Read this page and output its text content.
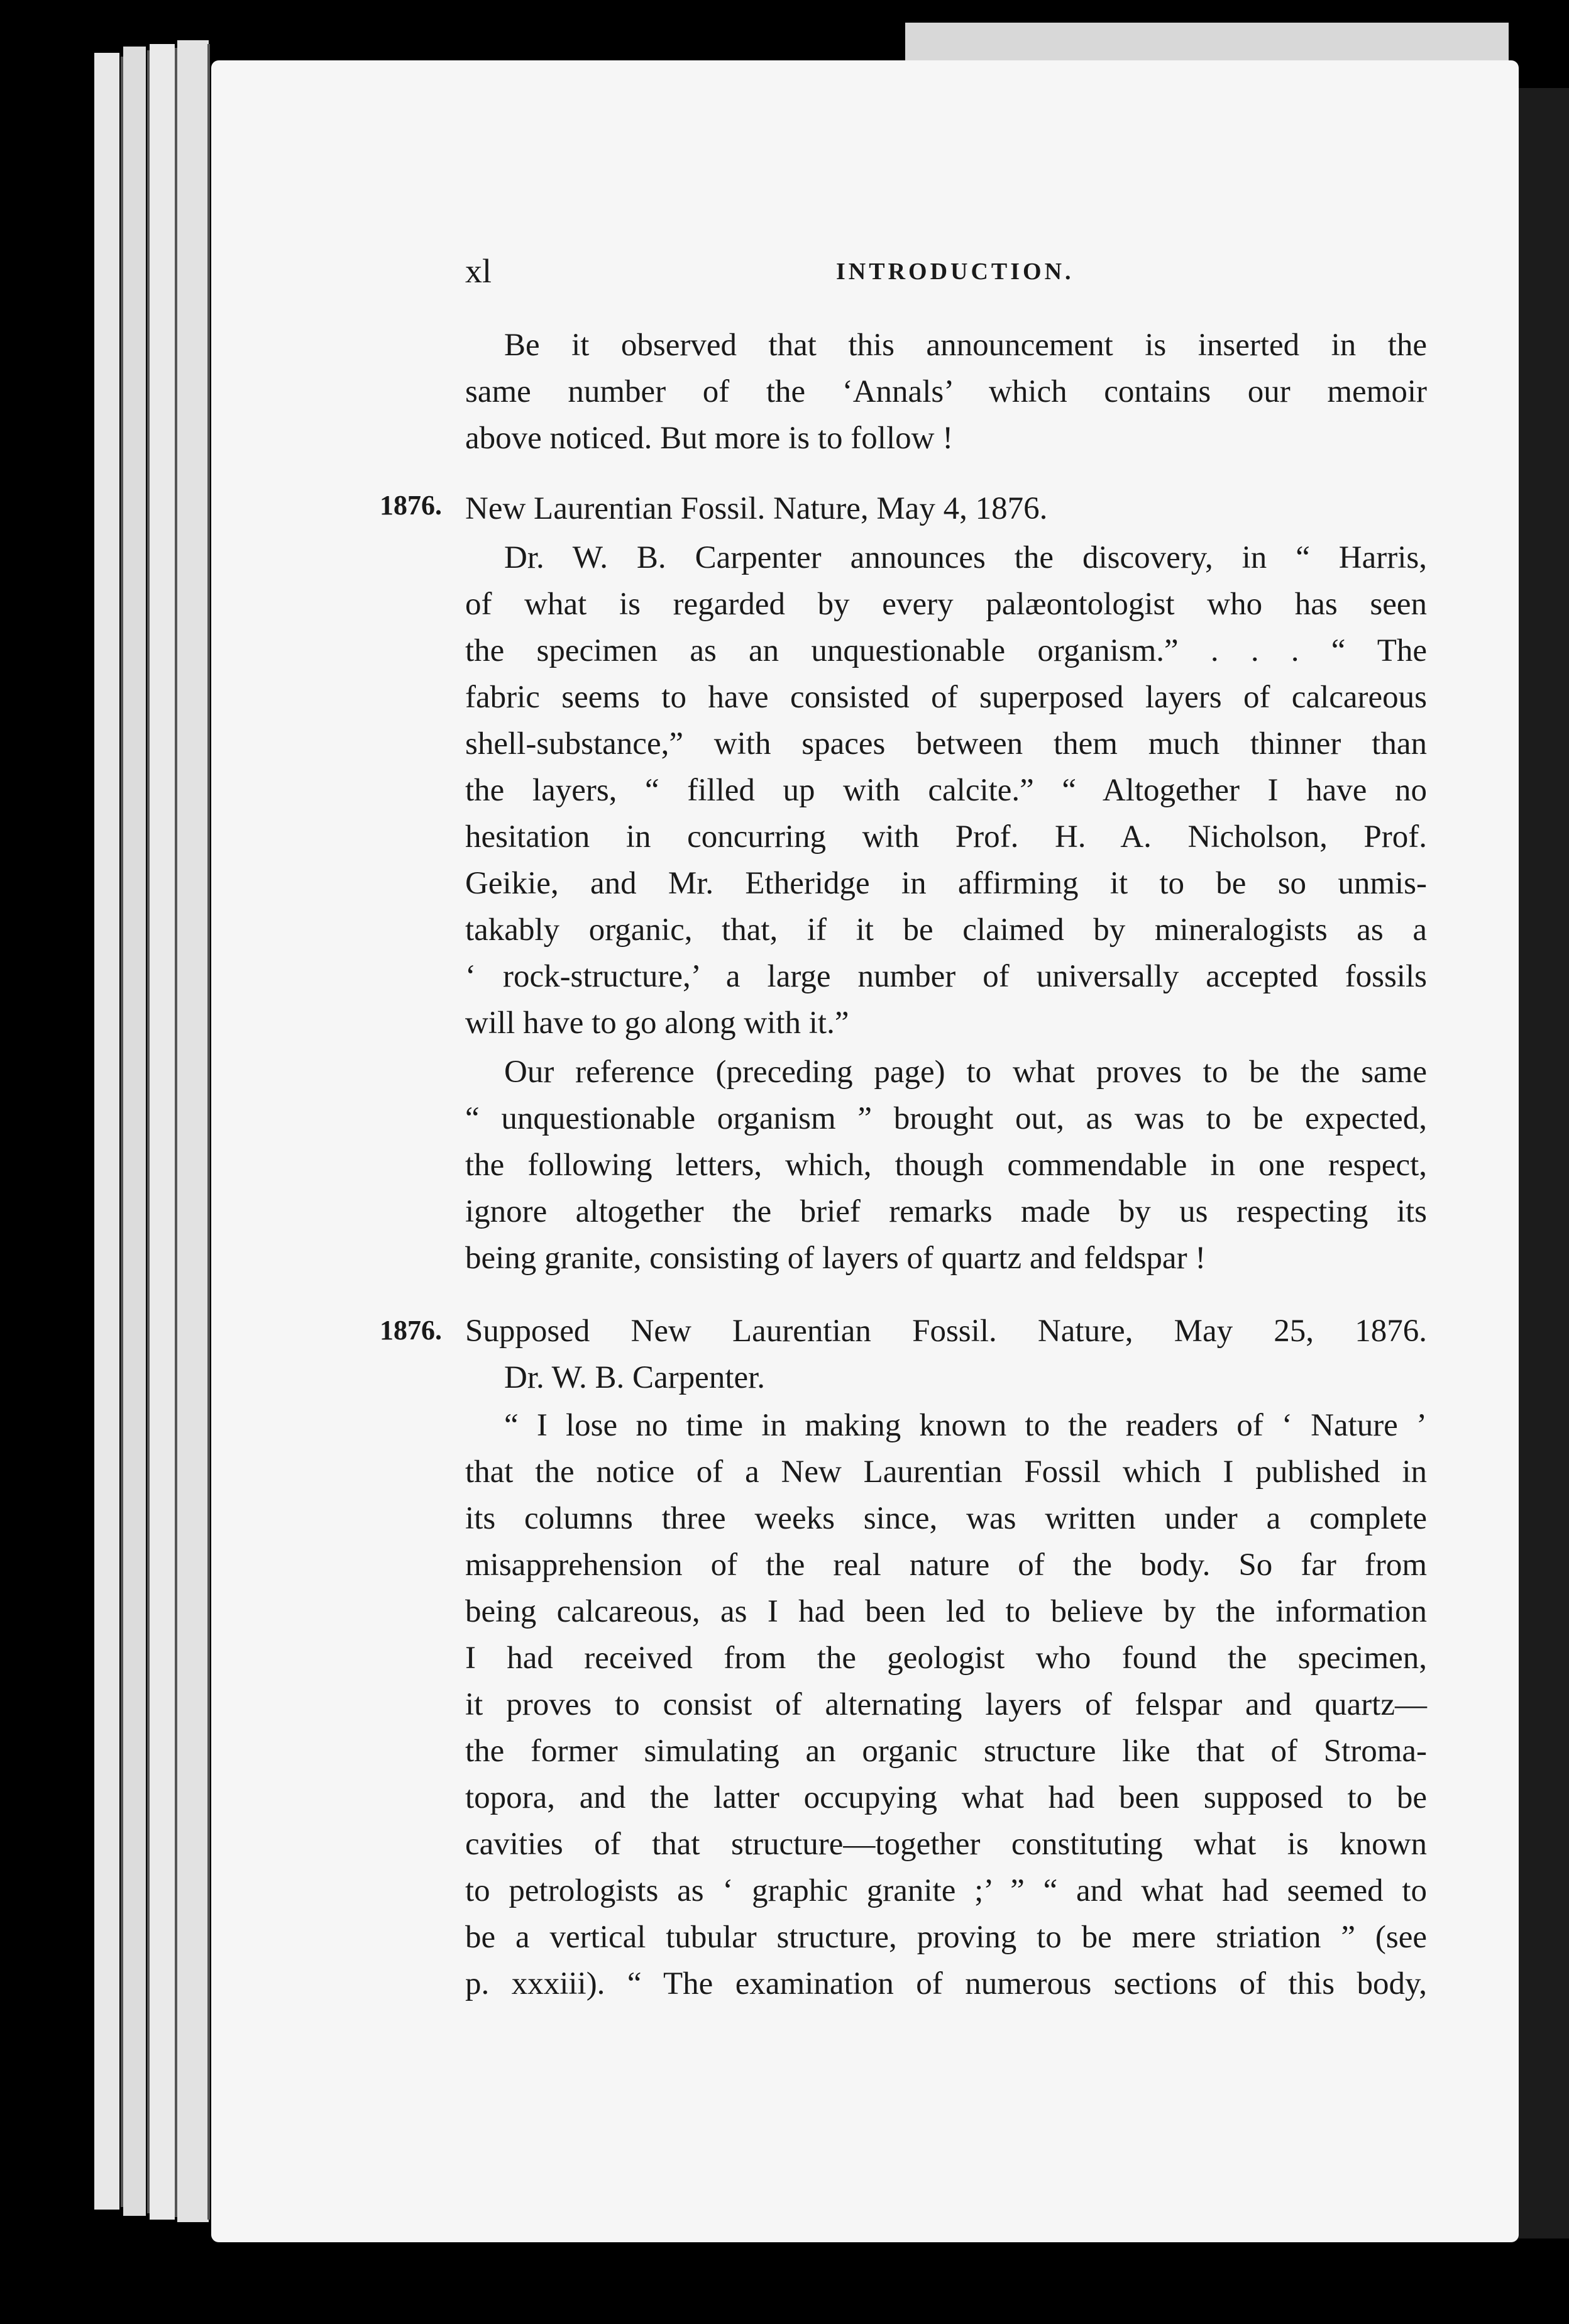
xl	INTRODUCTION.
Be it observed that this announcement is inserted in the
same number of the ‘Annals’ which contains our memoir
above noticed. But more is to follow !
1876. New Laurentian Fossil. Nature, May 4, 1876.
Dr. W. B. Carpenter announces the discovery, in “ Harris,
of what is regarded by every palæontologist who has seen
the specimen as an unquestionable organism.” . . . “ The
fabric seems to have consisted of superposed layers of calcareous
shell-substance,” with spaces between them much thinner than
the layers, “ filled up with calcite.” “ Altogether I have no
hesitation in concurring with Prof. H. A. Nicholson, Prof.
Geikie, and Mr. Etheridge in affirming it to be so unmis-
takably organic, that, if it be claimed by mineralogists as a
‘ rock-structure,’ a large number of universally accepted fossils
will have to go along with it.”
Our reference (preceding page) to what proves to be the same
“ unquestionable organism ” brought out, as was to be expected,
the following letters, which, though commendable in one respect,
ignore altogether the brief remarks made by us respecting its
being granite, consisting of layers of quartz and feldspar !
1876. Supposed New Laurentian Fossil. Nature, May 25, 1876.
Dr. W. B. Carpenter.
“ I lose no time in making known to the readers of ‘ Nature ’
that the notice of a New Laurentian Fossil which I published in
its columns three weeks since, was written under a complete
misapprehension of the real nature of the body. So far from
being calcareous, as I had been led to believe by the information
I had received from the geologist who found the specimen,
it proves to consist of alternating layers of felspar and quartz—
the former simulating an organic structure like that of Stroma-
topora, and the latter occupying what had been supposed to be
cavities of that structure—together constituting what is known
to petrologists as ‘ graphic granite ;’ ” “ and what had seemed to
be a vertical tubular structure, proving to be mere striation ” (see
p. xxxiii). “ The examination of numerous sections of this body,
